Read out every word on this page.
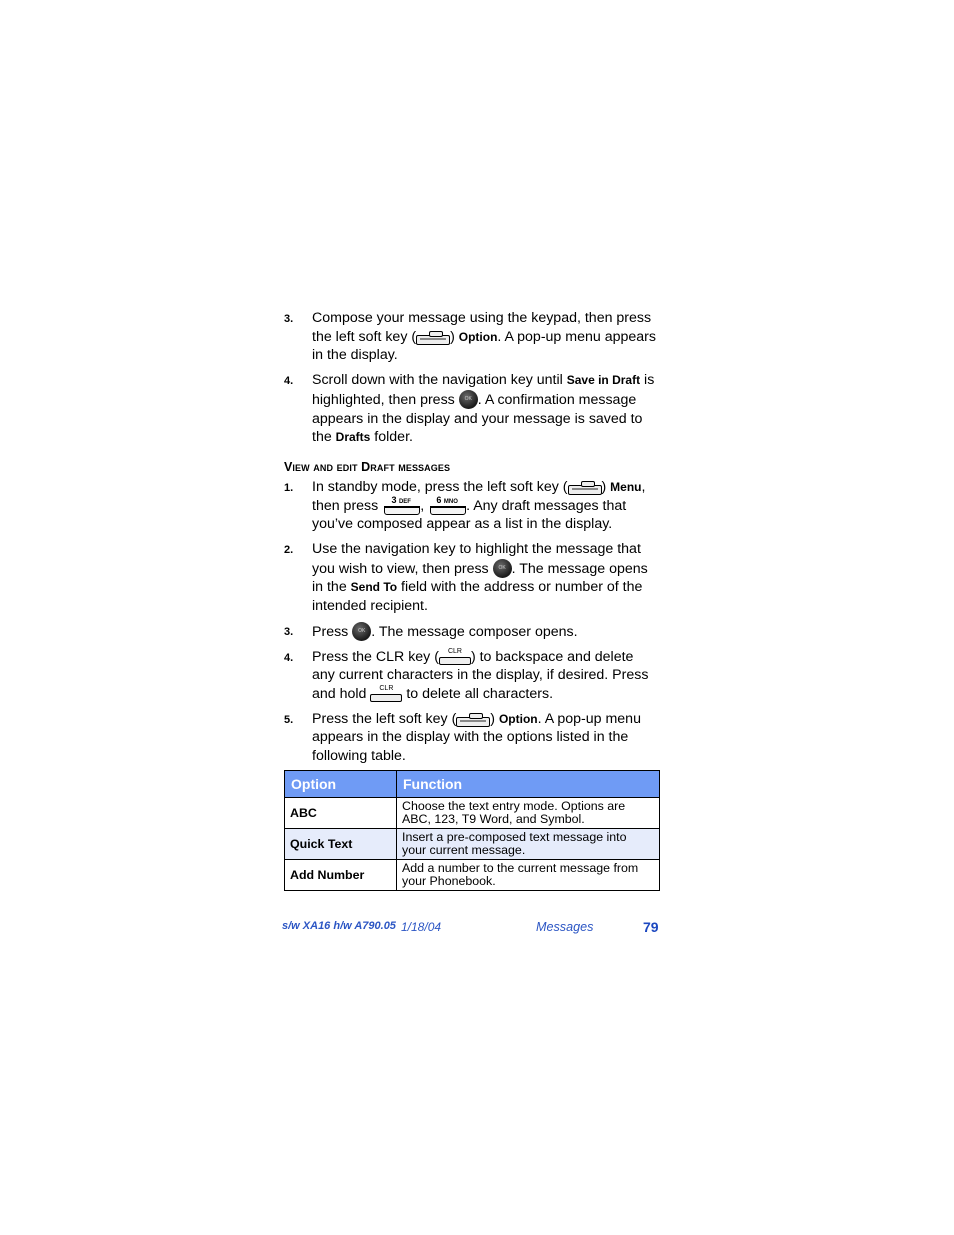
3. Compose your message using the keypad, then press the left soft key ( ) Option. A pop-up menu appears in the display.
4. Scroll down with the navigation key until Save in Draft is highlighted, then press	OK . A confirmation message appears in the display and your message is saved to the Drafts folder.
View and edit Draft messages
1. In standby mode, press the left soft key ( ) Menu, then press	3 DEF , 6 MNO . Any draft messages that you’ve composed appear as a list in the display.
2. Use the navigation key to highlight the message that you wish to view, then press	OK . The message opens in the Send To field with the address or number of the intended recipient.
3. Press	OK . The message composer opens.
4. Press the CLR key (	CLR ) to backspace and delete any current characters in the display, if desired. Press and hold	CLR to delete all characters.
5. Press the left soft key ( ) Option. A pop-up menu appears in the display with the options listed in the following table.
Option	Function
ABC	Choose the text entry mode. Options are ABC, 123, T9 Word, and Symbol.
Quick Text	Insert a pre-composed text message into your current message.
Add Number	Add a number to the current message from your Phonebook.
s/w XA16 h/w A790.05 1/18/04	Messages	79
